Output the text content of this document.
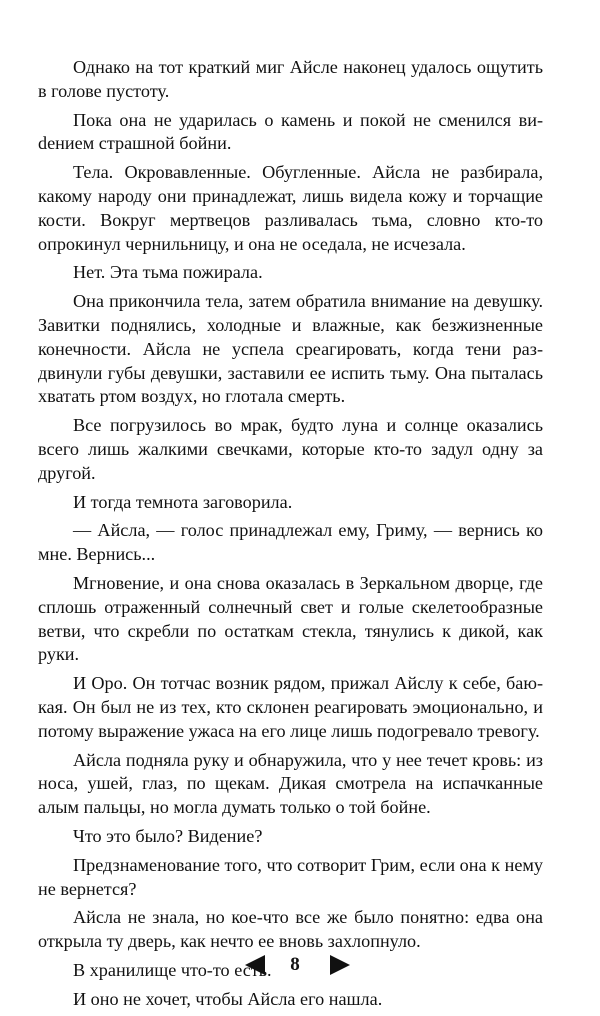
Однако на тот краткий миг Айсле наконец удалось ощутить в голове пустоту.

Пока она не ударилась о камень и покой не сменился виdением страшной бойни.

Тела. Окровавленные. Обугленные. Айсла не разбирала, какому народу они принадлежат, лишь видела кожу и торчащие кости. Вокруг мертвецов разливалась тьма, словно кто-то опрокинул чернильницу, и она не оседала, не исчезала.

Нет. Эта тьма пожирала.

Она прикончила тела, затем обратила внимание на девушку. Завитки поднялись, холодные и влажные, как безжизненные конечности. Айсла не успела среагировать, когда тени раздвинули губы девушки, заставили ее испить тьму. Она пыталась хватать ртом воздух, но глотала смерть.

Все погрузилось во мрак, будто луна и солнце оказались всего лишь жалкими свечками, которые кто-то задул одну за другой.

И тогда темнота заговорила.

— Айсла, — голос принадлежал ему, Гриму, — вернись ко мне. Вернись...

Мгновение, и она снова оказалась в Зеркальном дворце, где сплошь отраженный солнечный свет и голые скелетообразные ветви, что скребли по остаткам стекла, тянулись к дикой, как руки.

И Оро. Он тотчас возник рядом, прижал Айслу к себе, баюкая. Он был не из тех, кто склонен реагировать эмоционально, и потому выражение ужаса на его лице лишь подогревало тревогу.

Айсла подняла руку и обнаружила, что у нее течет кровь: из носа, ушей, глаз, по щекам. Дикая смотрела на испачканные алым пальцы, но могла думать только о той бойне.

Что это было? Видение?

Предзнаменование того, что сотворит Грим, если она к нему не вернется?

Айсла не знала, но кое-что все же было понятно: едва она открыла ту дверь, как нечто ее вновь захлопнуло.

В хранилище что-то есть.

И оно не хочет, чтобы Айсла его нашла.

8
